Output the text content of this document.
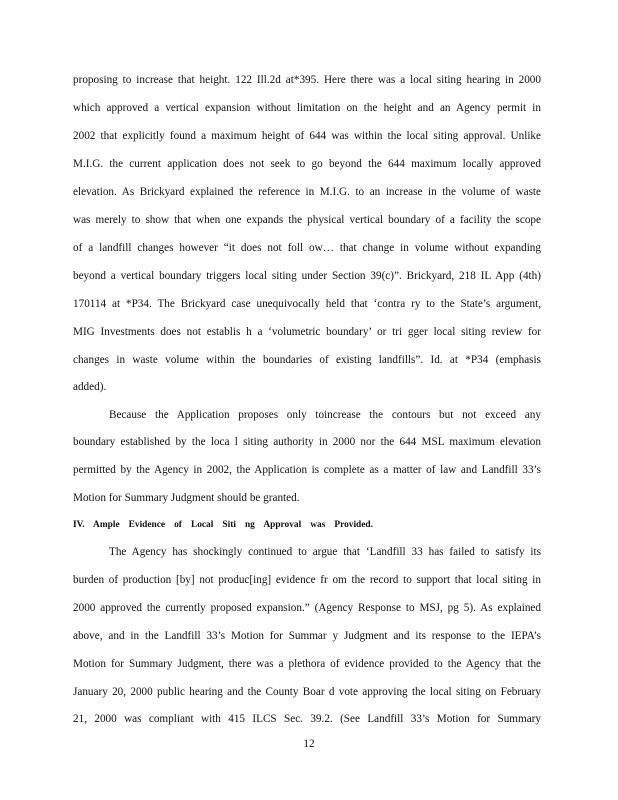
proposing to increase that height. 122 Ill.2d at*395. Here there was a local siting hearing in 2000
which approved a vertical expansion without limitation on the height and an Agency permit in
2002 that explicitly found a maximum height of 644 was within the local siting approval. Unlike
M.I.G. the current application does not seek to go beyond the 644 maximum locally approved
elevation. As Brickyard explained the reference in M.I.G. to an increase in the volume of waste
was merely to show that when one expands the physical vertical boundary of a facility the scope
of a landfill changes however “it does not foll ow… that change in volume without expanding
beyond a vertical boundary triggers local siting under Section 39(c)”. Brickyard, 218 IL App (4th)
170114 at *P34. The Brickyard case unequivocally held that ‘contra ry to the State’s argument,
MIG Investments does not establis h a ‘volumetric boundary’ or tri gger local siting review for
changes in waste volume within the boundaries of existing landfills”. Id. at *P34 (emphasis
added).
Because the Application proposes only toincrease the contours but not exceed any
boundary established by the loca l siting authority in 2000 nor the 644 MSL maximum elevation
permitted by the Agency in 2002, the Application is complete as a matter of law and Landfill 33’s
Motion for Summary Judgment should be granted.
IV. Ample Evidence of Local Siti ng Approval was Provided.
The Agency has shockingly continued to argue that ‘Landfill 33 has failed to satisfy its
burden of production [by] not produc[ing] evidence fr om the record to support that local siting in
2000 approved the currently proposed expansion.” (Agency Response to MSJ, pg 5). As explained
above, and in the Landfill 33’s Motion for Summar y Judgment and its response to the IEPA’s
Motion for Summary Judgment, there was a plethora of evidence provided to the Agency that the
January 20, 2000 public hearing and the County Boar d vote approving the local siting on February
21, 2000 was compliant with 415 ILCS Sec. 39.2. (See Landfill 33’s Motion for Summary
12
